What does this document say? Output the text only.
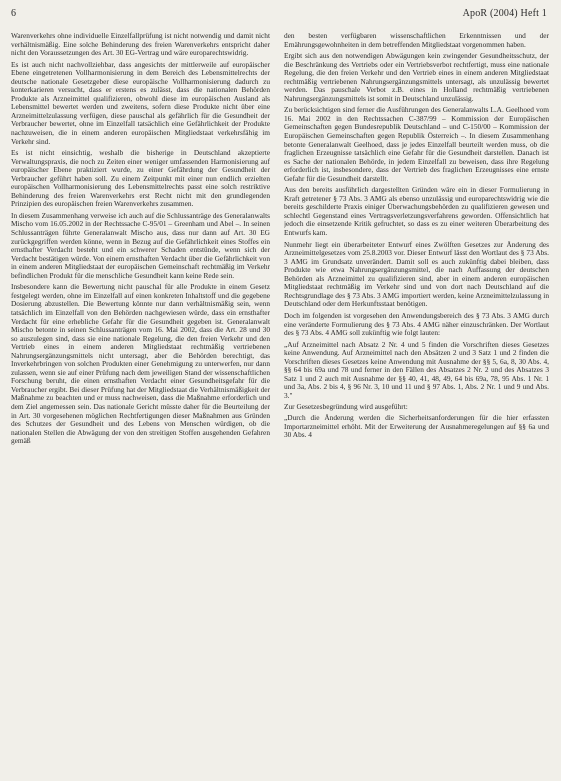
6	ApoR (2004) Heft 1

Warenverkehrs ohne individuelle Einzelfallprüfung ist nicht notwendig und damit nicht verhältnismäßig. Eine solche Behinderung des freien Warenverkehrs entspricht daher nicht den Voraussetzungen des Art. 30 EG-Vertrag und wäre europarechtswidrig.

Es ist auch nicht nachvollziehbar, dass angesichts der mittlerweile auf europäischer Ebene eingetretenen Vollharmonisierung in dem Bereich des Lebensmittelrechts der deutsche nationale Gesetzgeber diese europäische Vollharmonisierung dadurch zu konterkarieren versucht, dass er erstens es zulässt, dass die nationalen Behörden Produkte als Arzneimittel qualifizieren, obwohl diese im europäischen Ausland als Lebensmittel bewertet werden und zweitens, sofern diese Produkte nicht über eine Arzneimittelzulassung verfügen, diese pauschal als gefährlich für die Gesundheit der Verbraucher bewertet, ohne im Einzelfall tatsächlich eine Gefährlichkeit der Produkte nachzuweisen, die in einem anderen europäischen Mitgliedstaat verkehrsfähig im Verkehr sind.

Es ist nicht einsichtig, weshalb die bisherige in Deutschland akzeptierte Verwaltungspraxis, die noch zu Zeiten einer weniger umfassenden Harmonisierung auf europäischer Ebene praktiziert wurde, zu einer Gefährdung der Gesundheit der Verbraucher geführt haben soll. Zu einem Zeitpunkt mit einer nun endlich erzielten europäischen Vollharmonisierung des Lebensmittelrechts passt eine solch restriktive Behinderung des freien Warenverkehrs erst Recht nicht mit den grundlegenden Prinzipien des europäischen freien Warenverkehrs zusammen.

In diesem Zusammenhang verweise ich auch auf die Schlussanträge des Generalanwalts Mischo vom 16.05.2002 in der Rechtssache C-95/01 – Greenham und Abel –. In seinen Schlussanträgen führte Generalanwalt Mischo aus, dass nur dann auf Art. 30 EG zurückgegriffen werden könne, wenn in Bezug auf die Gefährlichkeit eines Stoffes ein ernsthafter Verdacht besteht und ein schwerer Schaden entstünde, wenn sich der Verdacht bestätigen würde. Von einem ernsthaften Verdacht über die Gefährlichkeit von in einem anderen Mitgliedstaat der europäischen Gemeinschaft rechtmäßig im Verkehr befindlichen Produkt für die menschliche Gesundheit kann keine Rede sein.

Insbesondere kann die Bewertung nicht pauschal für alle Produkte in einem Gesetz festgelegt werden, ohne im Einzelfall auf einen konkreten Inhaltstoff und die gegebene Dosierung abzustellen. Die Bewertung könnte nur dann verhältnismäßig sein, wenn tatsächlich im Einzelfall von den Behörden nachgewiesen würde, dass ein ernsthafter Verdacht für eine erhebliche Gefahr für die Gesundheit gegeben ist. Generalanwalt Mischo betonte in seinen Schlussanträgen vom 16. Mai 2002, dass die Art. 28 und 30 so auszulegen sind, dass sie eine nationale Regelung, die den freien Verkehr und den Vertrieb eines in einem anderen Mitgliedstaat rechtmäßig vertriebenen Nahrungsergänzungsmittels nicht untersagt, aber die Behörden berechtigt, das Inverkehrbringen von solchen Produkten einer Genehmigung zu unterwerfen, nur dann zulassen, wenn sie auf einer Prüfung nach dem jeweiligen Stand der wissenschaftlichen Forschung beruht, die einen ernsthaften Verdacht einer Gesundheitsgefahr für die Verbraucher ergibt. Bei dieser Prüfung hat der Mitgliedstaat die Verhältnismäßigkeit der Maßnahme zu beachten und er muss nachweisen, dass die Maßnahme erforderlich und dem Ziel angemessen sein. Das nationale Gericht müsste daher für die Beurteilung der in Art. 30 vorgesehenen möglichen Rechtfertigungen dieser Maßnahmen aus Gründen des Schutzes der Gesundheit und des Lebens von Menschen würdigen, ob die nationalen Stellen die Abwägung der von den streitigen Stoffen ausgehenden Gefahren gemäß

den besten verfügbaren wissenschaftlichen Erkenntnissen und der Ernährungsgewohnheiten in dem betreffenden Mitgliedstaat vorgenommen haben.

Ergibt sich aus den notwendigen Abwägungen kein zwingender Gesundheitsschutz, der die Beschränkung des Vertriebs oder ein Vertriebsverbot rechtfertigt, muss eine nationale Regelung, die den freien Verkehr und den Vertrieb eines in einem anderen Mitgliedstaat rechtmäßig vertriebenen Nahrungsergänzungsmittels untersagt, als unzulässig bewertet werden. Das pauschale Verbot z.B. eines in Holland rechtmäßig vertriebenen Nahrungsergänzungsmittels ist somit in Deutschland unzulässig.

Zu berücksichtigen sind ferner die Ausführungen des Generalanwalts L.A. Geelhoed vom 16. Mai 2002 in den Rechtssachen C-387/99 – Kommission der Europäischen Gemeinschaften gegen Bundesrepublik Deutschland – und C-150/00 – Kommission der Europäischen Gemeinschaften gegen Republik Österreich –. In diesem Zusammenhang betonte Generalanwalt Geelhoed, dass je jedes Einzelfall beurteilt werden muss, ob die fraglichen Erzeugnisse tatsächlich eine Gefahr für die Gesundheit darstellen. Danach ist es Sache der nationalen Behörde, in jedem Einzelfall zu beweisen, dass ihre Regelung erforderlich ist, insbesondere, dass der Vertrieb des fraglichen Erzeugnisses eine ernste Gefahr für die Gesundheit darstellt.

Aus den bereits ausführlich dargestellten Gründen wäre ein in dieser Formulierung in Kraft getretener § 73 Abs. 3 AMG als ebenso unzulässig und europarechtswidrig wie die bereits geschilderte Praxis einiger Überwachungsbehörden zu qualifizieren gewesen und schlechtl Gegenstand eines Vertragsverletzungsverfahrens geworden. Offensichtlich hat jedoch die einsetzende Kritik gefruchtet, so dass es zu einer weiteren Überarbeitung des Entwurfs kam.

Nunmehr liegt ein überarbeiteter Entwurf eines Zwölften Gesetzes zur Änderung des Arzneimittelgesetzes vom 25.8.2003 vor. Dieser Entwurf lässt den Wortlaut des § 73 Abs. 3 AMG im Grundsatz unverändert. Damit soll es auch zukünftig dabei bleiben, dass Produkte wie etwa Nahrungsergänzungsmittel, die nach Auffassung der deutschen Behörden als Arzneimittel zu qualifizieren sind, aber in einem anderen europäischen Mitgliedstaat rechtmäßig im Verkehr sind und von dort nach Deutschland auf die Rechtsgrundlage des § 73 Abs. 3 AMG importiert werden, keine Arzneimittelzulassung in Deutschland oder dem Herkunftsstaat benötigen.

Doch im folgenden ist vorgesehen den Anwendungsbereich des § 73 Abs. 3 AMG durch eine veränderte Formulierung des § 73 Abs. 4 AMG näher einzuschränken. Der Wortlaut des § 73 Abs. 4 AMG soll zukünftig wie folgt lauten:

„Auf Arzneimittel nach Absatz 2 Nr. 4 und 5 finden die Vorschriften dieses Gesetzes keine Anwendung. Auf Arzneimittel nach den Absätzen 2 und 3 Satz 1 und 2 finden die Vorschriften dieses Gesetzes keine Anwendung mit Ausnahme der §§ 5, 6a, 8, 30 Abs. 4, §§ 64 bis 69a und 78 und ferner in den Fällen des Absatzes 2 Nr. 2 und des Absatzes 3 Satz 1 und 2 auch mit Ausnahme der §§ 40, 41, 48, 49, 64 bis 69a, 78, 95 Abs. 1 Nr. 1 und 3a, Abs. 2 bis 4, § 96 Nr. 3, 10 und 11 und § 97 Abs. 1, Abs. 2 Nr. 1 und 9 und Abs. 3."

Zur Gesetzesbegründung wird ausgeführt:

„Durch die Änderung werden die Sicherheitsanforderungen für die hier erfassten Importarzneimittel erhöht. Mit der Erweiterung der Ausnahmeregelungen auf §§ 6a und 30 Abs. 4
